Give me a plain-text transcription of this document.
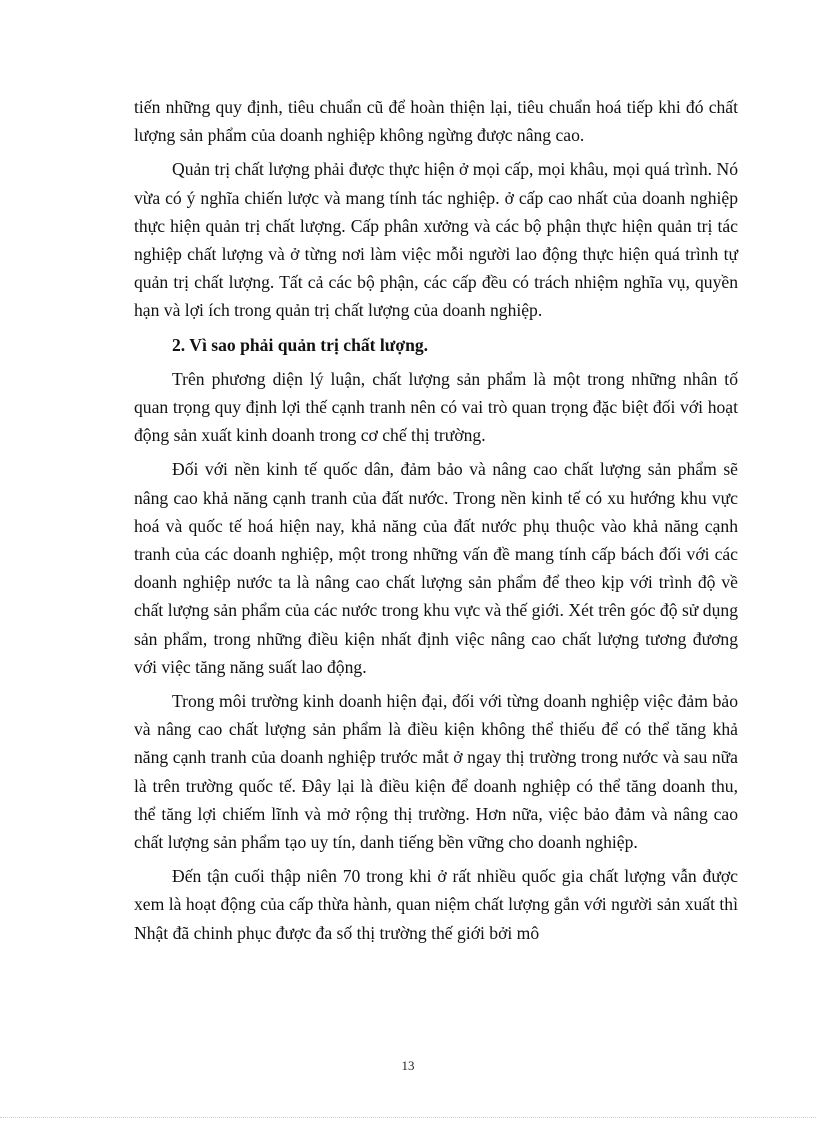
tiến những quy định, tiêu chuẩn cũ để hoàn thiện lại, tiêu chuẩn hoá tiếp khi đó chất lượng sản phẩm của doanh nghiệp không ngừng được nâng cao.

Quản trị chất lượng phải được thực hiện ở mọi cấp, mọi khâu, mọi quá trình. Nó vừa có ý nghĩa chiến lược và mang tính tác nghiệp. ở cấp cao nhất của doanh nghiệp thực hiện quản trị chất lượng. Cấp phân xưởng và các bộ phận thực hiện quản trị tác nghiệp chất lượng và ở từng nơi làm việc mỗi người lao động thực hiện quá trình tự quản trị chất lượng. Tất cả các bộ phận, các cấp đều có trách nhiệm nghĩa vụ, quyền hạn và lợi ích trong quản trị chất lượng của doanh nghiệp.

2. Vì sao phải quản trị chất lượng.

Trên phương diện lý luận, chất lượng sản phẩm là một trong những nhân tố quan trọng quy định lợi thế cạnh tranh nên có vai trò quan trọng đặc biệt đối với hoạt động sản xuất kinh doanh trong cơ chế thị trường.

Đối với nền kinh tế quốc dân, đảm bảo và nâng cao chất lượng sản phẩm sẽ nâng cao khả năng cạnh tranh của đất nước. Trong nền kinh tế có xu hướng khu vực hoá và quốc tế hoá hiện nay, khả năng của đất nước phụ thuộc vào khả năng cạnh tranh của các doanh nghiệp, một trong những vấn đề mang tính cấp bách đối với các doanh nghiệp nước ta là nâng cao chất lượng sản phẩm để theo kịp với trình độ về chất lượng sản phẩm của các nước trong khu vực và thế giới. Xét trên góc độ sử dụng sản phẩm, trong những điều kiện nhất định việc nâng cao chất lượng tương đương với việc tăng năng suất lao động.

Trong môi trường kinh doanh hiện đại, đối với từng doanh nghiệp việc đảm bảo và nâng cao chất lượng sản phẩm là điều kiện không thể thiếu để có thể tăng khả năng cạnh tranh của doanh nghiệp trước mắt ở ngay thị trường trong nước và sau nữa là trên trường quốc tế. Đây lại là điều kiện để doanh nghiệp có thể tăng doanh thu, thể tăng lợi chiếm lĩnh và mở rộng thị trường. Hơn nữa, việc bảo đảm và nâng cao chất lượng sản phẩm tạo uy tín, danh tiếng bền vững cho doanh nghiệp.

Đến tận cuối thập niên 70 trong khi ở rất nhiều quốc gia chất lượng vẫn được xem là hoạt động của cấp thừa hành, quan niệm chất lượng gắn với người sản xuất thì Nhật đã chinh phục được đa số thị trường thế giới bởi mô

13
